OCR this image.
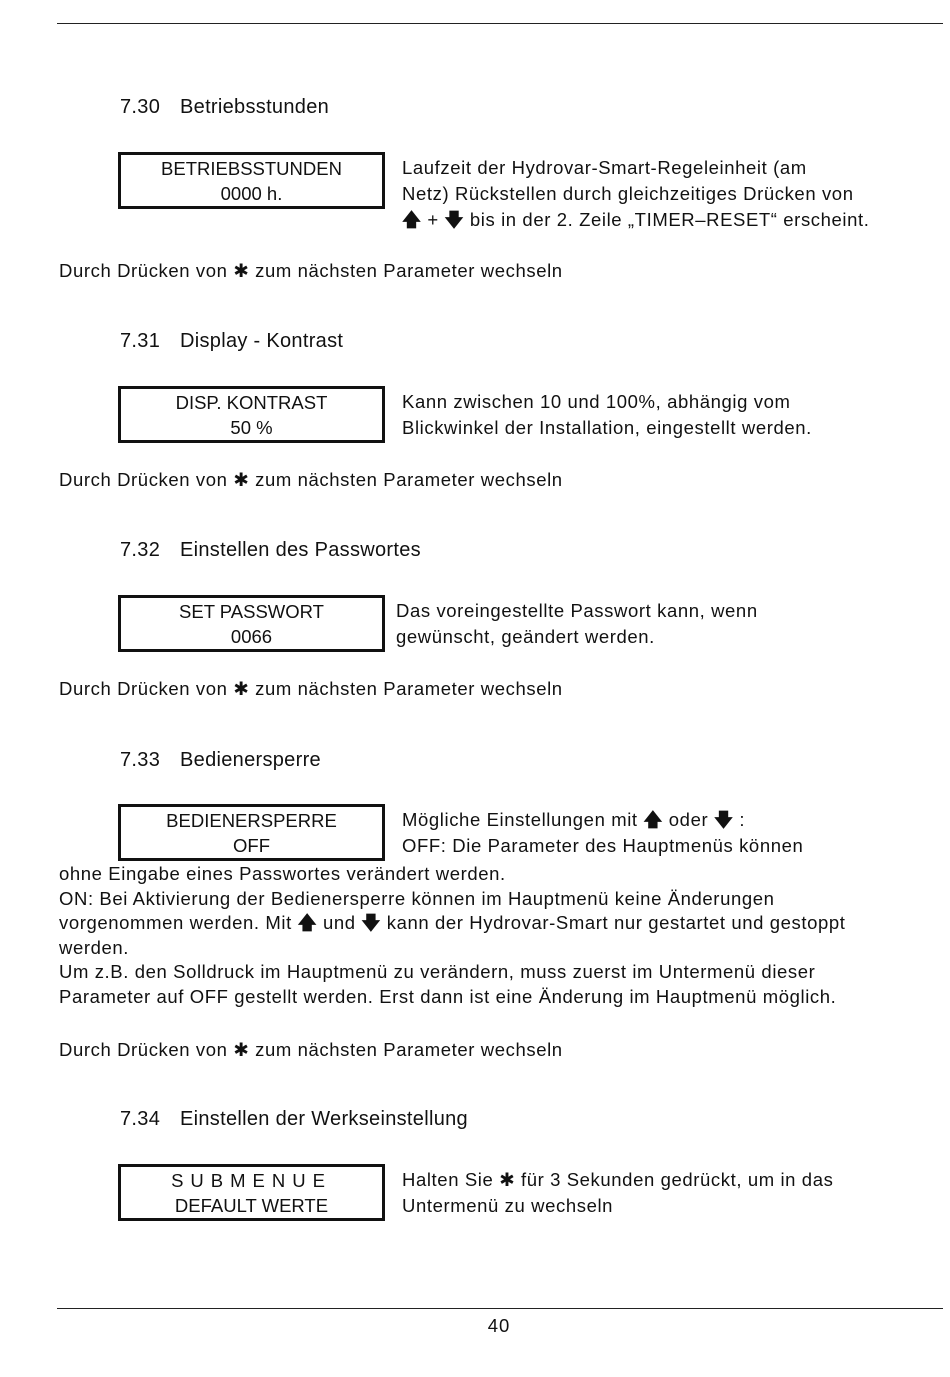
7.30 Betriebsstunden
BETRIEBSSTUNDEN
0000 h.
Laufzeit der Hydrovar-Smart-Regeleinheit (am
Netz) Rückstellen durch gleichzeitiges Drücken von
🡅 + 🡇 bis in der 2. Zeile „TIMER–RESET“ erscheint.
Durch Drücken von ✱ zum nächsten Parameter wechseln
7.31 Display - Kontrast
DISP. KONTRAST
50 %
Kann zwischen 10 und 100%, abhängig vom
Blickwinkel der Installation, eingestellt werden.
Durch Drücken von ✱ zum nächsten Parameter wechseln
7.32 Einstellen des Passwortes
SET PASSWORT
0066
Das voreingestellte Passwort kann, wenn
gewünscht, geändert werden.
Durch Drücken von ✱ zum nächsten Parameter wechseln
7.33 Bedienersperre
BEDIENERSPERRE
OFF
Mögliche Einstellungen mit 🡅 oder 🡇 :
OFF: Die Parameter des Hauptmenüs können
ohne Eingabe eines Passwortes verändert werden.
ON: Bei Aktivierung der Bedienersperre können im Hauptmenü keine Änderungen
vorgenommen werden. Mit 🡅 und 🡇 kann der Hydrovar-Smart nur gestartet und gestoppt
werden.
Um z.B. den Solldruck im Hauptmenü zu verändern, muss zuerst im Untermenü dieser
Parameter auf OFF gestellt werden. Erst dann ist eine Änderung im Hauptmenü möglich.
Durch Drücken von ✱ zum nächsten Parameter wechseln
7.34 Einstellen der Werkseinstellung
SUBMENUE
DEFAULT WERTE
Halten Sie ✱ für 3 Sekunden gedrückt, um in das
Untermenü zu wechseln
40
